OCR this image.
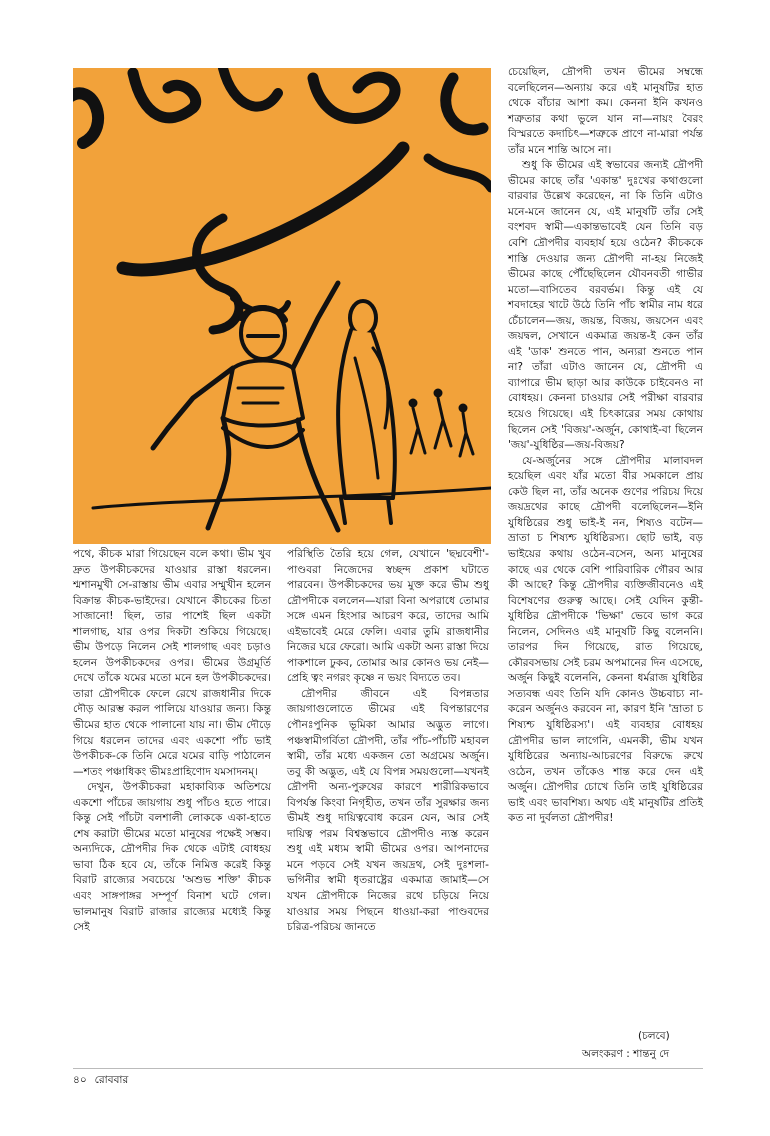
পথে, কীচক মারা গিয়েছেন বলে কথা। ভীম খুব দ্রুত উপকীচকদের যাওয়ার রাস্তা ধরলেন। শ্মশানমুখী সে-রাস্তায় ভীম এবার সম্মুখীন হলেন বিক্রান্ত কীচক-ভাইদের। যেখানে কীচকের চিতা সাজানো! ছিল, তার পাশেই ছিল একটা শালগাছ, যার ওপর দিকটা শুকিয়ে গিয়েছে। ভীম উপড়ে নিলেন সেই শালগাছ এবং চড়াও হলেন উপকীচকদের ওপর। ভীমের উগ্রমূর্তি দেখে তাঁকে যমের মতো মনে হল উপকীচকদের। তারা দ্রৌপদীকে ফেলে রেখে রাজধানীর দিকে দৌড় আরম্ভ করল পালিয়ে যাওয়ার জন্য। কিন্তু ভীমের হাত থেকে পালানো যায় না। ভীম দৌড়ে গিয়ে ধরলেন তাদের এবং একশো পাঁচ ভাই উপকীচক-কে তিনি মেরে যমের বাড়ি পাঠালেন—শতং পঞ্চাধিকং ভীমঃপ্রাহিণোদ যমসাদনম্।

দেখুন, উপকীচকরা মহাকাব্যিক অতিশয়ে একশো পাঁচের জায়গায় শুধু পাঁচও হতে পারে। কিন্তু সেই পাঁচটা বলশালী লোককে একা-হাতে শেষ করাটা ভীমের মতো মানুষের পক্ষেই সম্ভব। অন্যদিকে, দ্রৌপদীর দিক থেকে এটাই বোধহয় ভাবা ঠিক হবে যে, তাঁকে নিমিত্ত করেই কিন্তু বিরাট রাজ্যের সবচেয়ে 'অশুভ শক্তি' কীচক এবং সাঙ্গপাঙ্গর সম্পূর্ণ বিনাশ ঘটে গেল। ভালমানুষ বিরাট রাজার রাজ্যের মধ্যেই কিন্তু সেই

পরিস্থিতি তৈরি হয়ে গেল, যেখানে 'ছদ্মবেশী'-পাণ্ডবরা নিজেদের স্বচ্ছন্দ প্রকাশ ঘটাতে পারবেন। উপকীচকদের ভয় মুক্ত করে ভীম শুধু দ্রৌপদীকে বললেন—যারা বিনা অপরাধে তোমার সঙ্গে এমন হিংসার আচরণ করে, তাদের আমি এইভাবেই মেরে ফেলি। এবার তুমি রাজধানীর নিজের ঘরে ফেরো। আমি একটা অন্য রাস্তা দিয়ে পাকশালে ঢুকব, তোমার আর কোনও ভয় নেই—প্রেহি ত্বং নগরং কৃষ্ণে ন ভয়ং বিদ্যতে তব।

দ্রৌপদীর জীবনে এই বিপন্নতার জায়গাগুলোতে ভীমের এই বিপন্তারণের পৌনঃপুনিক ভূমিকা আমার অদ্ভুত লাগে। পঞ্চস্বামীগর্বিতা দ্রৌপদী, তাঁর পাঁচ-পাঁচটি মহাবল স্বামী, তাঁর মধ্যে একজন তো অগ্রমেয় অর্জুন। তবু কী অদ্ভুত, এই যে বিপন্ন সময়গুলো—যখনই দ্রৌপদী অন্য-পুরুষের কারণে শারীরিকভাবে বিপর্যস্ত কিংবা নিগৃহীত, তখন তাঁর সুরক্ষার জন্য ভীমই শুধু দায়িত্ববোধ করেন যেন, আর সেই দায়িত্ব পরম বিশ্বস্তভাবে দ্রৌপদীও ন্যস্ত করেন শুধু এই মধ্যম স্বামী ভীমের ওপর। আপনাদের মনে পড়বে সেই যখন জয়দ্রথ, সেই দুঃশলা-ভগিনীর স্বামী ধৃতরাষ্ট্রের একমাত্র জামাই—সে যখন দ্রৌপদীকে নিজের রথে চড়িয়ে নিয়ে যাওয়ার সময় পিছনে ধাওয়া-করা পাণ্ডবদের চরিত্র-পরিচয় জানতে

চেয়েছিল, দ্রৌপদী তখন ভীমের সম্বন্ধে বলেছিলেন—অন্যায় করে এই মানুষটির হাত থেকে বাঁচার আশা কম। কেননা ইনি কখনও শত্রুতার কথা ভুলে যান না—নায়ং বৈরং বিস্মরতে কদাচিৎ—শত্রুকে প্রাণে না-মারা পর্যন্ত তাঁর মনে শান্তি আসে না।

শুধু কি ভীমের এই স্বভাবের জন্যই দ্রৌপদী ভীমের কাছে তাঁর 'একান্ত' দুঃখের কথাগুলো বারবার উল্লেখ করেছেন, না কি তিনি এটাও মনে-মনে জানেন যে, এই মানুষটি তাঁর সেই বংশবদ স্বামী—একান্তভাবেই যেন তিনি বড় বেশি দ্রৌপদীর ব্যবহার্য হয়ে ওঠেন? কীচককে শাস্তি দেওয়ার জন্য দ্রৌপদী না-হয় নিজেই ভীমের কাছে পৌঁছেছিলেন যৌবনবতী গাভীর মতো—বাসিতেব বরবর্ভম। কিন্তু এই যে শবদাহের খাটে উঠে তিনি পাঁচ স্বামীর নাম ধরে চেঁচালেন—জয়, জয়ন্ত, বিজয়, জয়সেন এবং জয়দ্বল, সেখানে একমাত্র জয়ন্ত-ই কেন তাঁর এই 'ডাক' শুনতে পান, অন্যরা শুনতে পান না? তাঁরা এটাও জানেন যে, দ্রৌপদী এ ব্যাপারে ভীম ছাড়া আর কাউকে চাইবেনও না বোধহয়। কেননা চাওয়ার সেই পরীক্ষা বারবার হয়েও গিয়েছে। এই চিৎকারের সময় কোথায় ছিলেন সেই 'বিজয়'-অর্জুন, কোথাই-বা ছিলেন 'জয়'-যুধিষ্ঠির—জয়-বিজয়?

যে-অর্জুনের সঙ্গে দ্রৌপদীর মালাবদল হয়েছিল এবং যাঁর মতো বীর সমকালে প্রায় কেউ ছিল না, তাঁর অনেক গুণের পরিচয় দিয়ে জয়দ্রথের কাছে দ্রৌপদী বলেছিলেন—ইনি যুধিষ্ঠিরের শুধু ভাই-ই নন, শিষ্যও বটেন—ভ্রাতা চ শিষ্যশ্চ যুধিষ্ঠিরস্য। ছোট ভাই, বড় ভাইয়ের কথায় ওঠেন-বসেন, অন্য মানুষের কাছে এর থেকে বেশি পারিবারিক গৌরব আর কী আছে? কিন্তু দ্রৌপদীর ব্যক্তিজীবনেও এই বিশেষণের গুরুত্ব আছে। সেই যেদিন কুন্তী-যুধিষ্ঠির দ্রৌপদীকে 'ভিক্ষা' ভেবে ভাগ করে নিলেন, সেদিনও এই মানুষটি কিছু বলেননি। তারপর দিন গিয়েছে, রাত গিয়েছে, কৌরবসভায় সেই চরম অপমানের দিন এসেছে, অর্জুন কিছুই বলেননি, কেননা ধর্মরাজ যুধিষ্ঠির সত্যবন্ধ এবং তিনি যদি কোনও উচ্চবাচ্য না-করেন অর্জুনও করবেন না, কারণ ইনি 'ভ্রাতা চ শিষ্যশ্চ যুধিষ্ঠিরস্য'। এই ব্যবহার বোধহয় দ্রৌপদীর ভাল লাগেনি, এমনকী, ভীম যখন যুধিষ্ঠিরের অন্যায়-আচরণের বিরুদ্ধে রুখে ওঠেন, তখন তাঁকেও শান্ত করে দেন এই অর্জুন। দ্রৌপদীর চোখে তিনি তাই যুধিষ্ঠিরের ভাই এবং ভাবশিষ্য। অথচ এই মানুষটির প্রতিই কত না দুর্বলতা দ্রৌপদীর!

(চলবে)
অলংকরণ : শান্তনু দে
৪০ রোববার
